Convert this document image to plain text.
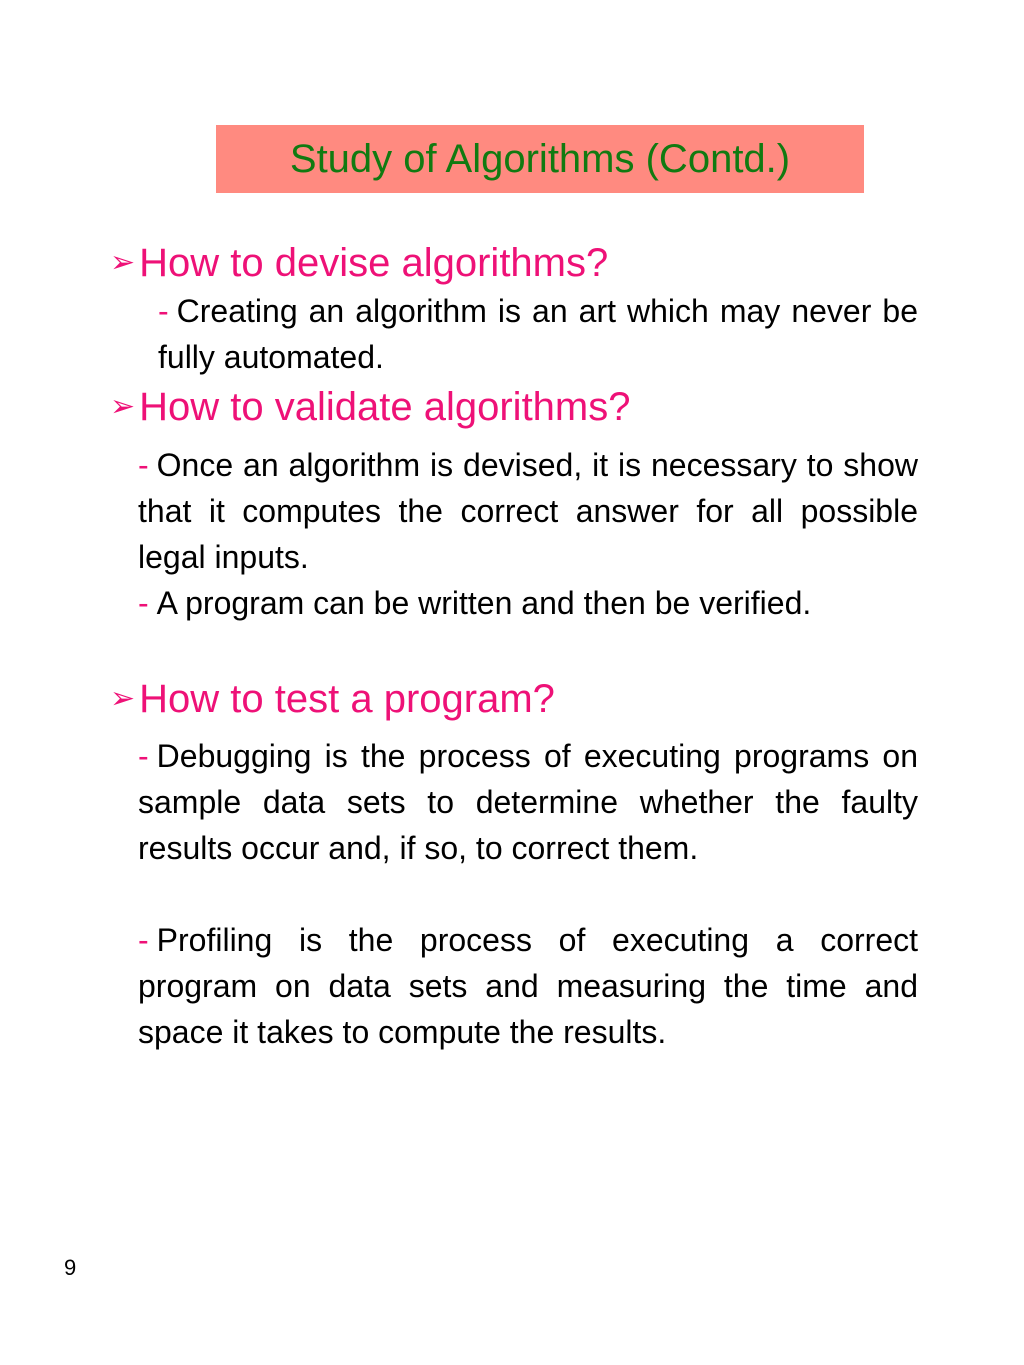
Study of Algorithms (Contd.)
➢ How to devise algorithms?
- Creating an algorithm is an art which may never be fully automated.
➢ How to validate algorithms?
- Once an algorithm is devised, it is necessary to show that it computes the correct answer for all possible legal inputs.
- A program can be written and then be verified.
➢ How to test a program?
- Debugging is the process of executing programs on sample data sets to determine whether the faulty results occur and, if so, to correct them.
- Profiling is the process of executing a correct program on data sets and measuring the time and space it takes to compute the results.
9
